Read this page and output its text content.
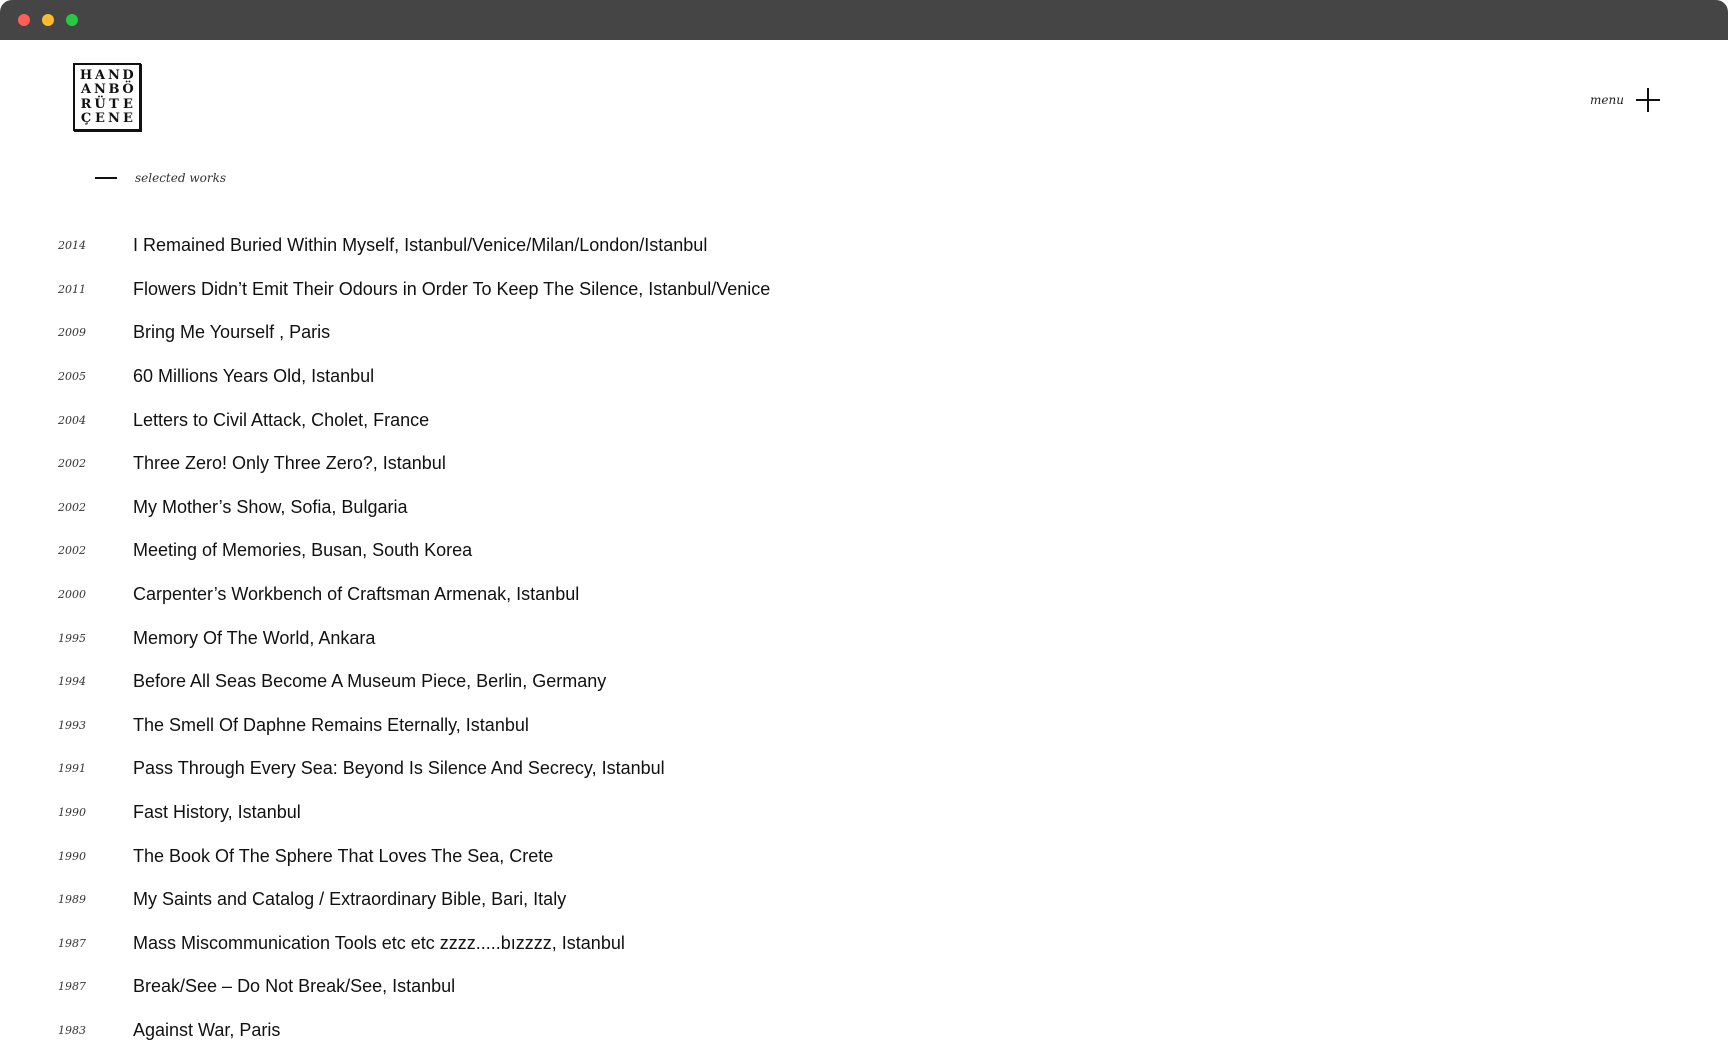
H A N D
A N B Ö
R Ü T E
Ç E N E
menu
selected works
2014	I Remained Buried Within Myself, Istanbul/Venice/Milan/London/Istanbul
2011	Flowers Didn’t Emit Their Odours in Order To Keep The Silence, Istanbul/Venice
2009	Bring Me Yourself , Paris
2005	60 Millions Years Old, Istanbul
2004	Letters to Civil Attack, Cholet, France
2002	Three Zero! Only Three Zero?, Istanbul
2002	My Mother’s Show, Sofia, Bulgaria
2002	Meeting of Memories, Busan, South Korea
2000	Carpenter’s Workbench of Craftsman Armenak, Istanbul
1995	Memory Of The World, Ankara
1994	Before All Seas Become A Museum Piece, Berlin, Germany
1993	The Smell Of Daphne Remains Eternally, Istanbul
1991	Pass Through Every Sea: Beyond Is Silence And Secrecy, Istanbul
1990	Fast History, Istanbul
1990	The Book Of The Sphere That Loves The Sea, Crete
1989	My Saints and Catalog / Extraordinary Bible, Bari, Italy
1987	Mass Miscommunication Tools etc etc zzzz.....bızzzz, Istanbul
1987	Break/See – Do Not Break/See, Istanbul
1983	Against War, Paris
